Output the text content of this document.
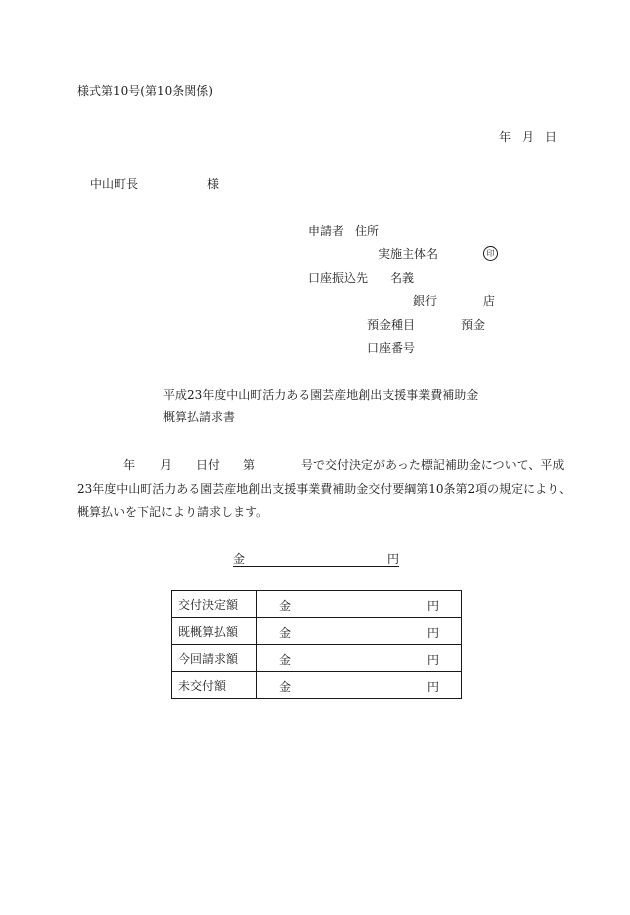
様式第10号(第10条関係)
年 月 日
中山町長	様
申請者 住所
実施主体名	印
口座振込先 名義
銀行	店
預金種目	預金
口座番号
平成23年度中山町活力ある園芸産地創出支援事業費補助金
概算払請求書
年 月 日付 第	号で交付決定があった標記補助金について、平成
23年度中山町活力ある園芸産地創出支援事業費補助金交付要綱第10条第2項の規定により、
概算払いを下記により請求します。
金	円
交付決定額	金 円

既概算払額	金 円

今回請求額	金 円

未交付額	金 円
